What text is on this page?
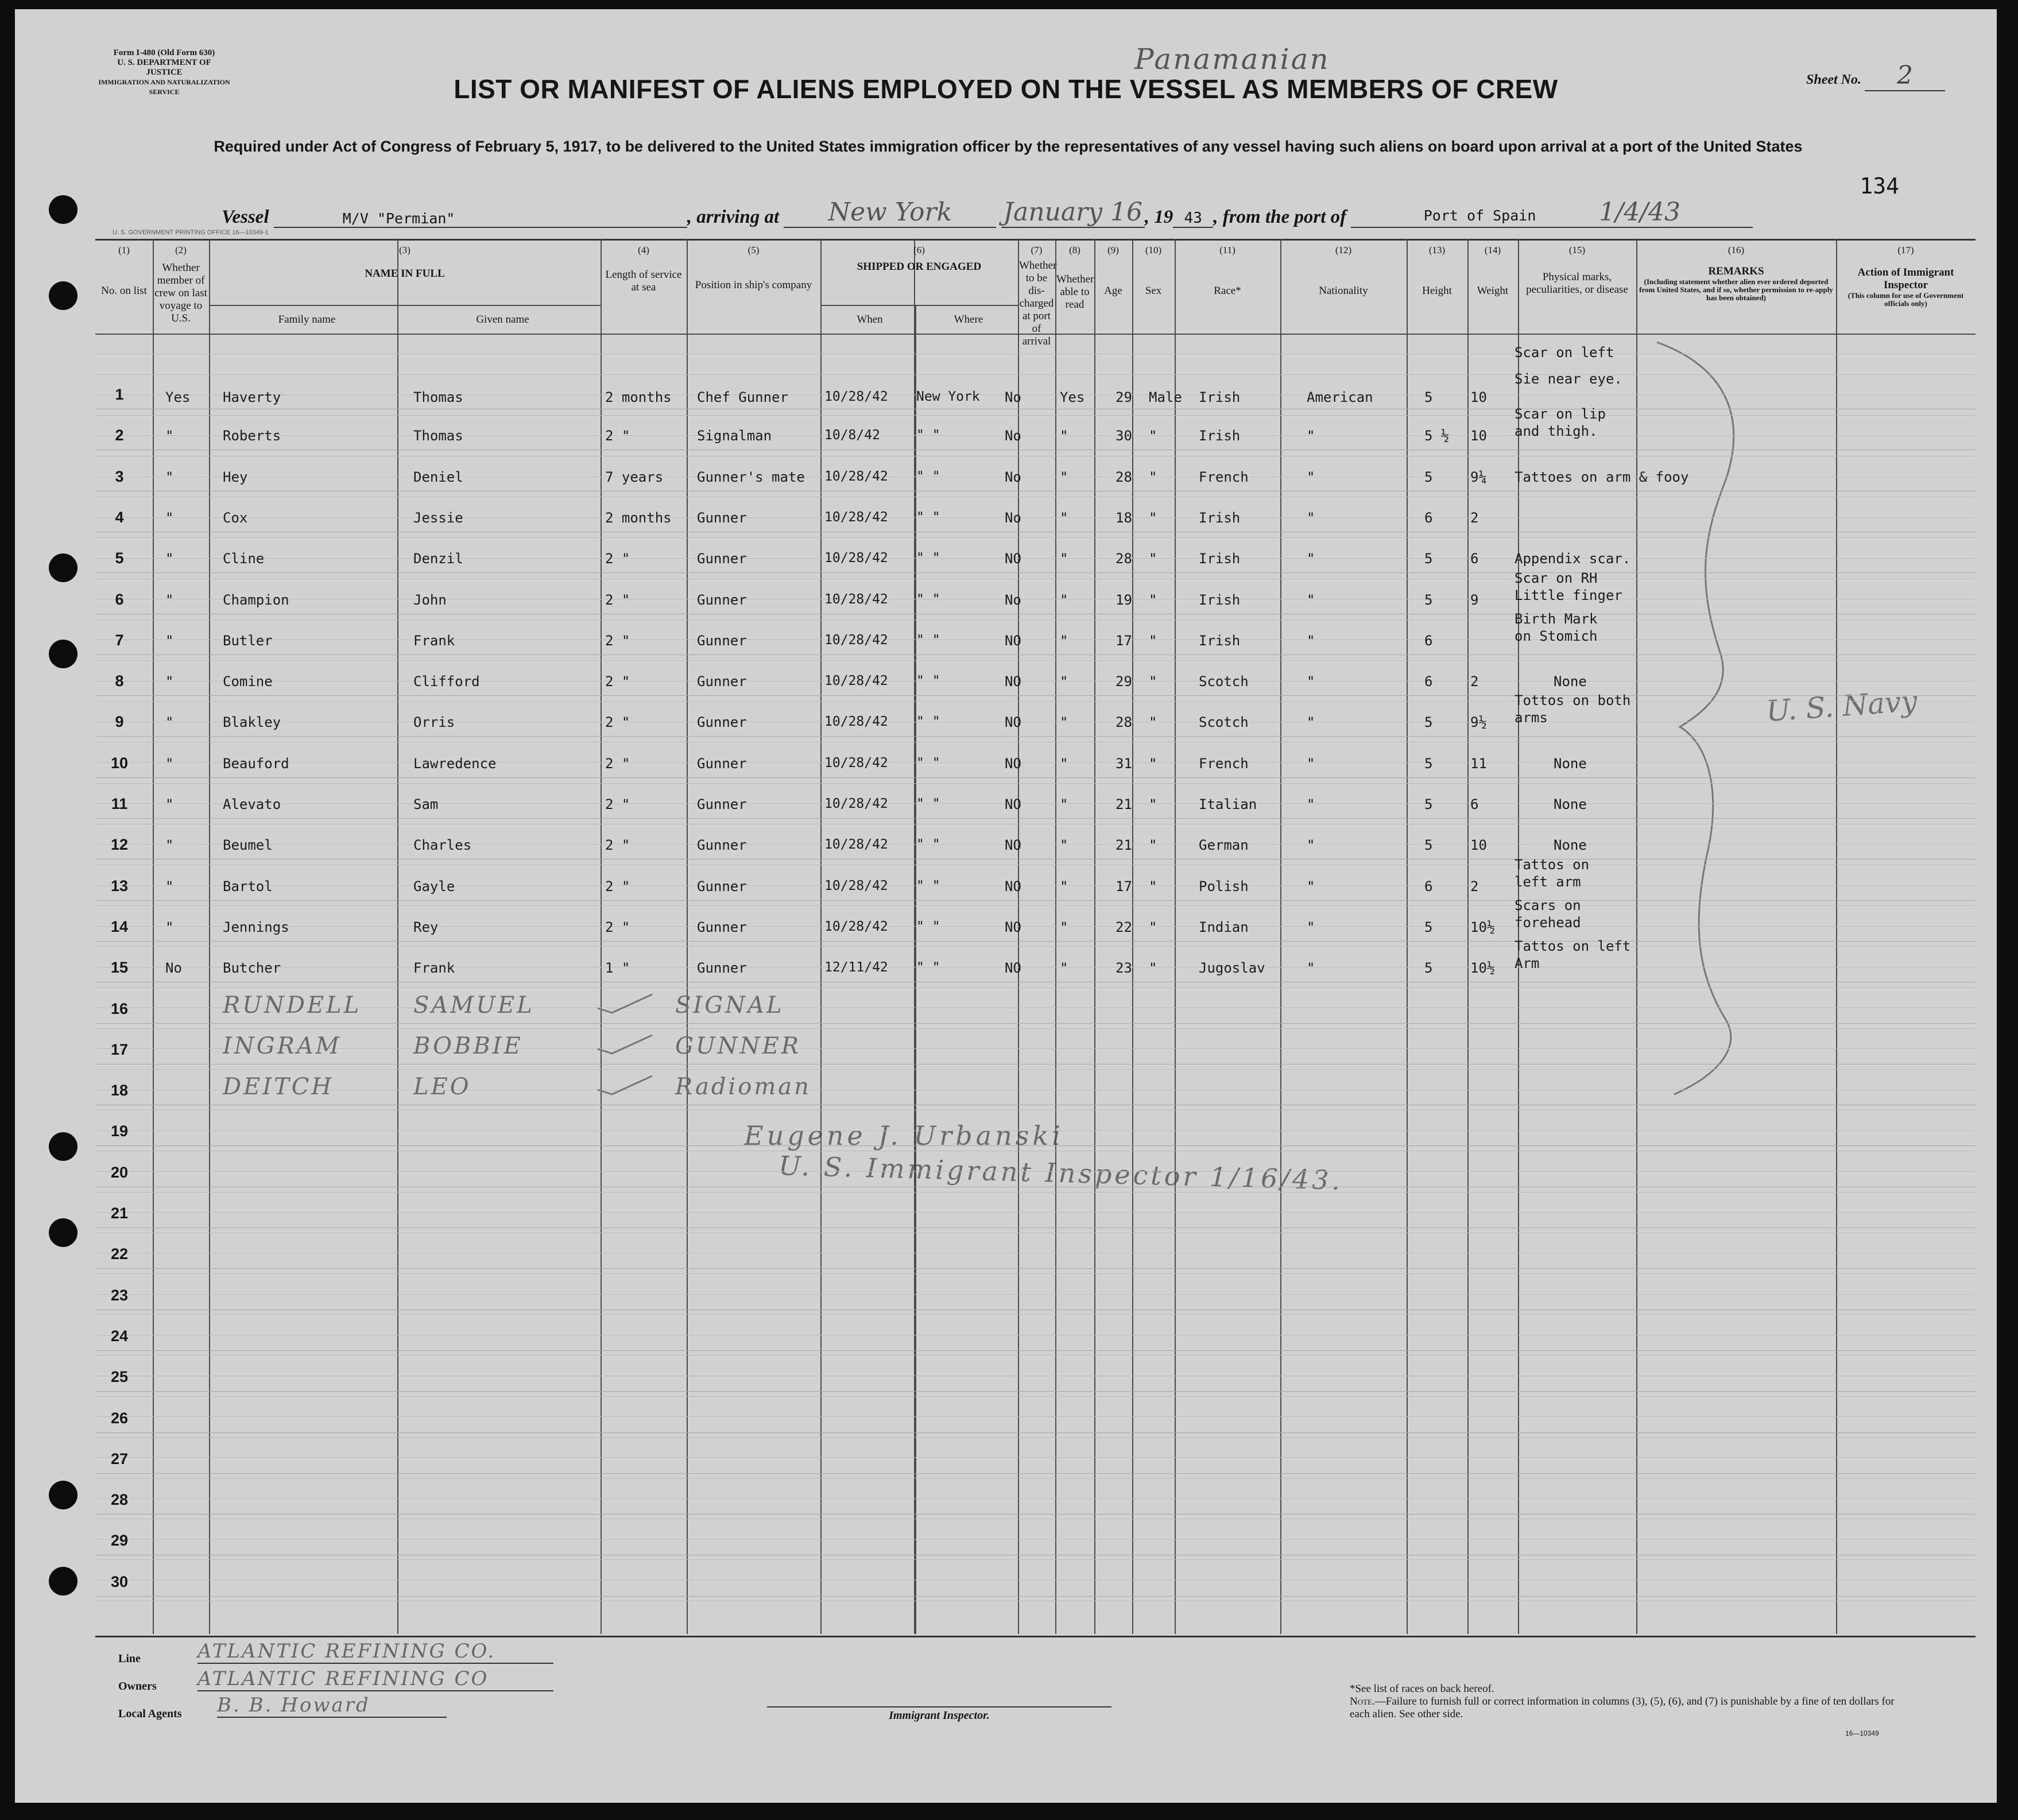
Form I-480 (Old Form 630)
U. S. DEPARTMENT OF JUSTICE
IMMIGRATION AND NATURALIZATION SERVICE
Panamanian
Sheet No. 2
LIST OR MANIFEST OF ALIENS EMPLOYED ON THE VESSEL AS MEMBERS OF CREW
Required under Act of Congress of February 5, 1917, to be delivered to the United States immigration officer by the representatives of any vessel having such aliens on board upon arrival at a port of the United States
134
Vessel	M/V "Permian"	, arriving at New York January 16 , 19 43 , from the port of	Port of Spain	1/4/43
U. S. GOVERNMENT PRINTING OFFICE 16—10349-1
U. S. Navy
Eugene J. Urbanski
U. S. Immigrant Inspector 1/16/43.
Line	ATLANTIC REFINING CO.
Owners ATLANTIC REFINING CO
Local Agents B. B. Howard	Immigrant Inspector.
*See list of races on back hereof.
Note.—Failure to furnish full or correct information in columns (3), (5), (6), and (7) is punishable by a fine of ten dollars for each alien. See other side.
16—10349
(1)
No. on list
(2)
Whether member of crew on last voyage to U.S.
(3)
NAME IN FULL
Family name	Given name
(4)
Length of service at sea
(5)
Position in ship's company
(6)
SHIPPED OR ENGAGED
When	Where
(7)
Whether to be dis-charged at port of arrival
(8)
Whether able to read
(9)
Age
(10)
Sex
(11)
Race*
(12)
Nationality
(13)
Height
(14)
Weight
(15)
Physical marks, peculiarities, or disease
(16)
REMARKS
(Including statement whether alien ever ordered deported from United States, and if so, whether permission to re-apply has been obtained)
(17)
Action of Immigrant Inspector
(This column for use of Government officials only)
1
2
3
4
5
6
7
8
9
10
11
12
13
14
15
16
17
18
19
20
21
22
23
24
25
26
27
28
29
30
Yes Haverty	Thomas	2 months Chef Gunner	10/28/42 New York No	Yes 29 Male Irish	American	5	10
Scar on left
Sie near eye.
"	Roberts	Thomas	2 "	Signalman	10/8/42	" "	No	"	30 "	Irish	"	5 ½ 10
Scar on lip
and thigh.
"	Hey	Deniel	7 years Gunner's mate 10/28/42 " "	No	"	28 "	French	"	5	9¼ Tattoes on arm & fooy
"	Cox	Jessie	2 months Gunner	10/28/42 " "	No	"	18 "	Irish	"	6	2
"	Cline	Denzil	2 "	Gunner	10/28/42 " "	NO	"	28 "	Irish	"	5	6	Appendix scar.
"	Champion	John	2 "	Gunner	10/28/42 " "	No	"	19 "	Irish	"	5	9
Scar on RH
Little finger
"	Butler	Frank	2 "	Gunner	10/28/42 " "	NO	"	17 "	Irish	"	6
Birth Mark
on Stomich
"	Comine	Clifford	2 "	Gunner	10/28/42 " "	NO	"	29 "	Scotch	"	6	2	None
"	Blakley	Orris	2 "	Gunner	10/28/42 " "	NO	"	28 "	Scotch	"	5	9½
Tottos on both
arms
"	Beauford	Lawredence	2 "	Gunner	10/28/42 " "	NO	"	31 "	French	"	5	11	None
"	Alevato	Sam	2 "	Gunner	10/28/42 " "	NO	"	21 "	Italian	"	5	6	None
"	Beumel	Charles	2 "	Gunner	10/28/42 " "	NO	"	21 "	German	"	5	10	None
"	Bartol	Gayle	2 "	Gunner	10/28/42 " "	NO	"	17 "	Polish	"	6	2
Tattos on
left arm
"	Jennings	Rey	2 "	Gunner	10/28/42 " "	NO	"	22 "	Indian	"	5	10½
Scars on
forehead
No	Butcher	Frank	1 "	Gunner	12/11/42 " "	NO	"	23 "	Jugoslav	"	5	10½
Tattos on left
Arm
RUNDELL SAMUEL	SIGNAL
INGRAM	BOBBIE	GUNNER
DEITCH	LEO	Radioman
